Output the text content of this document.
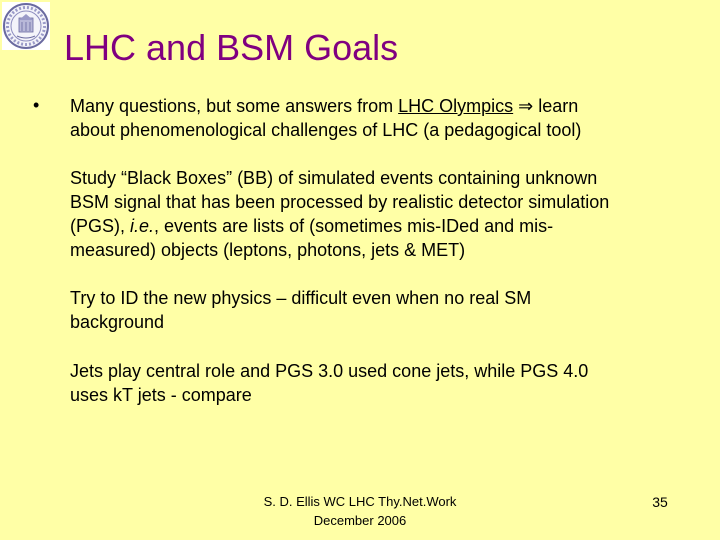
LHC and BSM Goals
• Many questions, but some answers from LHC Olympics ⇒ learn
about phenomenological challenges of LHC (a pedagogical tool)
Study “Black Boxes” (BB) of simulated events containing unknown
BSM signal that has been processed by realistic detector simulation
(PGS), i.e., events are lists of (sometimes mis-IDed and mis-
measured) objects (leptons, photons, jets & MET)
Try to ID the new physics – difficult even when no real SM
background
Jets play central role and PGS 3.0 used cone jets, while PGS 4.0
uses kT jets - compare
S. D. Ellis WC LHC Thy.Net.Work
December 2006
35
